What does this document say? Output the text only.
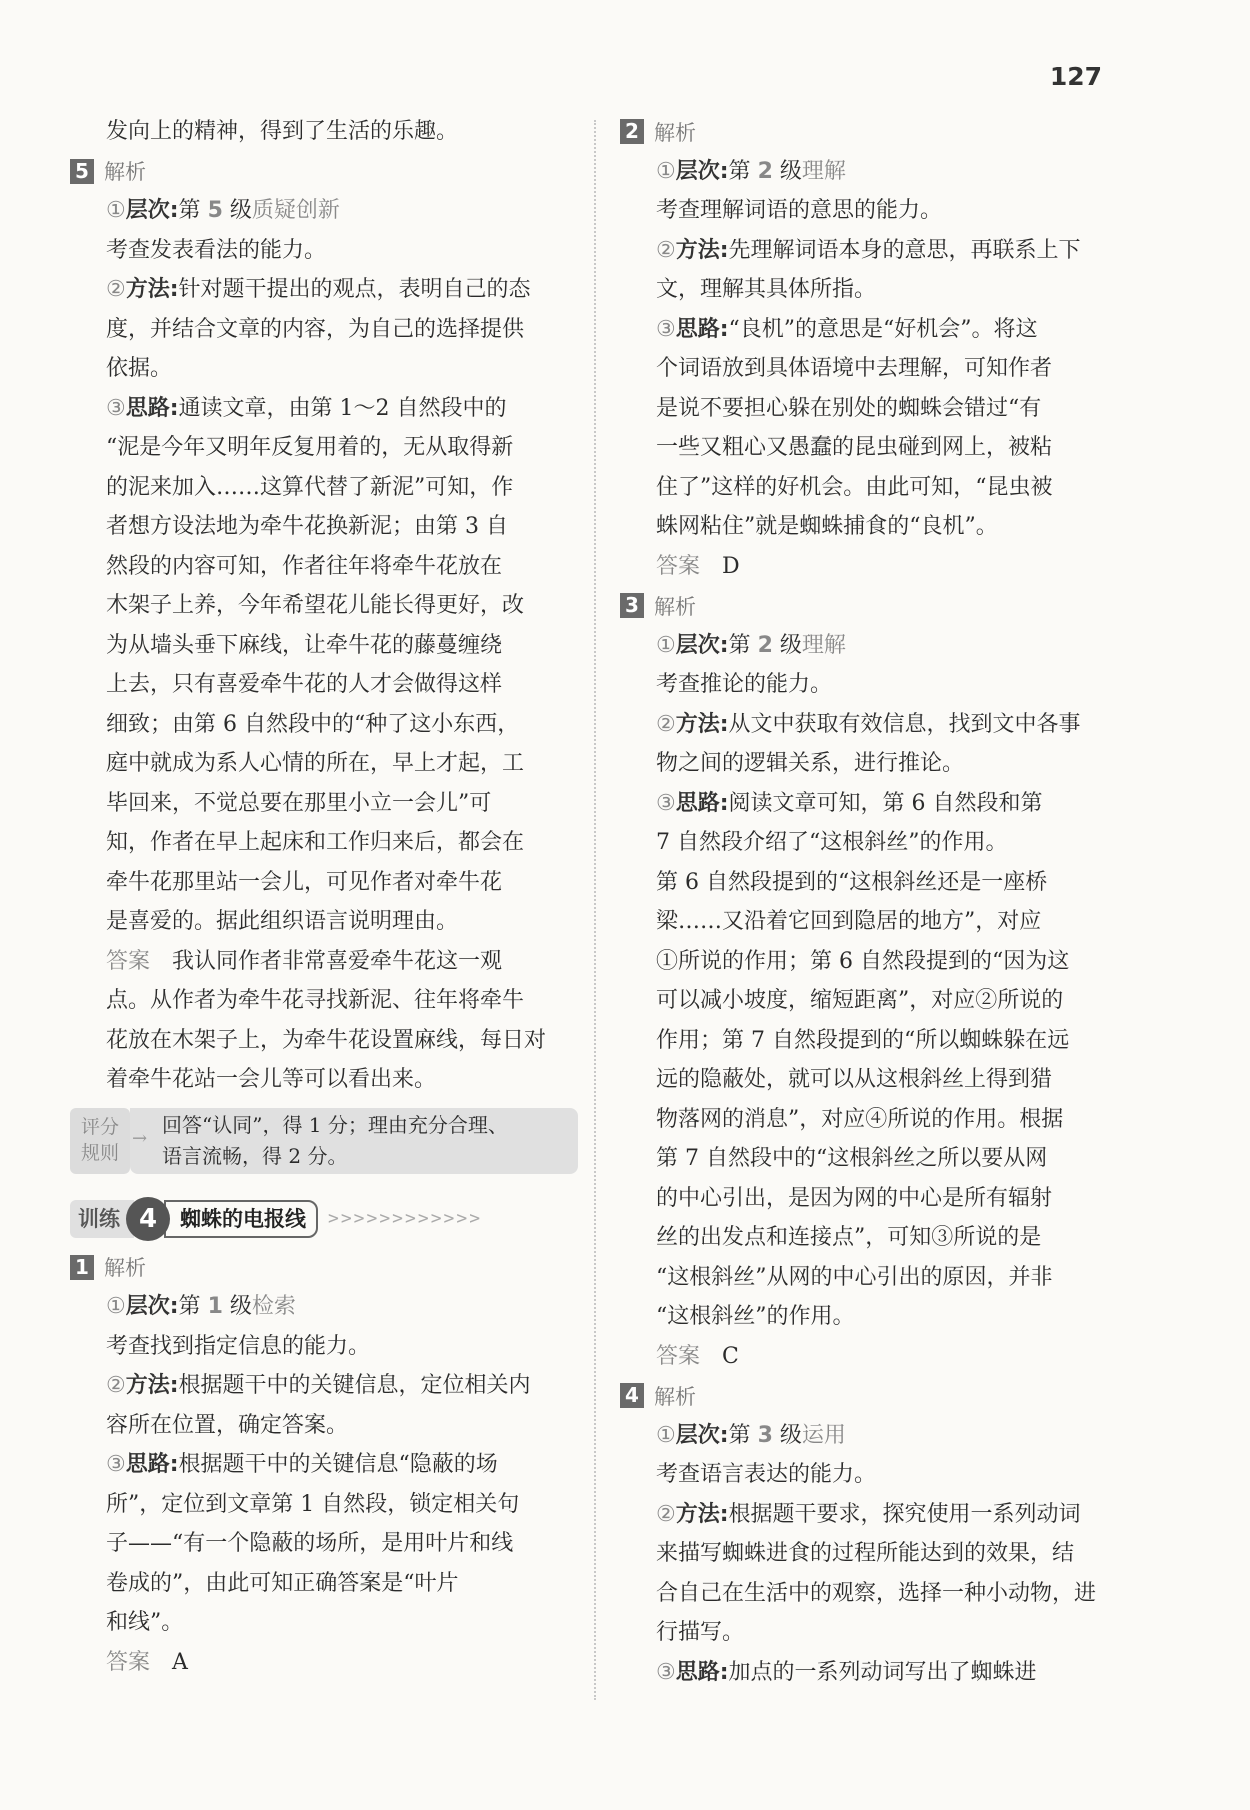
127
发向上的精神，得到了生活的乐趣。
5 解析
①层次:第 5 级质疑创新
考查发表看法的能力。
②方法:针对题干提出的观点，表明自己的态
度，并结合文章的内容，为自己的选择提供
依据。
③思路:通读文章，由第 1～2 自然段中的
“泥是今年又明年反复用着的，无从取得新
的泥来加入……这算代替了新泥”可知，作
者想方设法地为牵牛花换新泥；由第 3 自
然段的内容可知，作者往年将牵牛花放在
木架子上养，今年希望花儿能长得更好，改
为从墙头垂下麻线，让牵牛花的藤蔓缠绕
上去，只有喜爱牵牛花的人才会做得这样
细致；由第 6 自然段中的“种了这小东西，
庭中就成为系人心情的所在，早上才起，工
毕回来，不觉总要在那里小立一会儿”可
知，作者在早上起床和工作归来后，都会在
牵牛花那里站一会儿，可见作者对牵牛花
是喜爱的。据此组织语言说明理由。
答案 我认同作者非常喜爱牵牛花这一观
点。从作者为牵牛花寻找新泥、往年将牵牛
花放在木架子上，为牵牛花设置麻线，每日对
着牵牛花站一会儿等可以看出来。
回答“认同”，得 1 分；理由充分合理、
语言流畅，得 2 分。
评分
规则
→
训练 4	蜘蛛的电报线	>>>>>>>>>>>>
1 解析
①层次:第 1 级检索
考查找到指定信息的能力。
②方法:根据题干中的关键信息，定位相关内
容所在位置，确定答案。
③思路:根据题干中的关键信息“隐蔽的场
所”，定位到文章第 1 自然段，锁定相关句
子——“有一个隐蔽的场所，是用叶片和线
卷成的”，由此可知正确答案是“叶片
和线”。
答案 A
2 解析
①层次:第 2 级理解
考查理解词语的意思的能力。
②方法:先理解词语本身的意思，再联系上下
文，理解其具体所指。
③思路:“良机”的意思是“好机会”。将这
个词语放到具体语境中去理解，可知作者
是说不要担心躲在别处的蜘蛛会错过“有
一些又粗心又愚蠢的昆虫碰到网上，被粘
住了”这样的好机会。由此可知，“昆虫被
蛛网粘住”就是蜘蛛捕食的“良机”。
答案 D
3 解析
①层次:第 2 级理解
考查推论的能力。
②方法:从文中获取有效信息，找到文中各事
物之间的逻辑关系，进行推论。
③思路:阅读文章可知，第 6 自然段和第
7 自然段介绍了“这根斜丝”的作用。
第 6 自然段提到的“这根斜丝还是一座桥
梁……又沿着它回到隐居的地方”，对应
①所说的作用；第 6 自然段提到的“因为这
可以减小坡度，缩短距离”，对应②所说的
作用；第 7 自然段提到的“所以蜘蛛躲在远
远的隐蔽处，就可以从这根斜丝上得到猎
物落网的消息”，对应④所说的作用。根据
第 7 自然段中的“这根斜丝之所以要从网
的中心引出，是因为网的中心是所有辐射
丝的出发点和连接点”，可知③所说的是
“这根斜丝”从网的中心引出的原因，并非
“这根斜丝”的作用。
答案 C
4 解析
①层次:第 3 级运用
考查语言表达的能力。
②方法:根据题干要求，探究使用一系列动词
来描写蜘蛛进食的过程所能达到的效果，结
合自己在生活中的观察，选择一种小动物，进
行描写。
③思路:加点的一系列动词写出了蜘蛛进
